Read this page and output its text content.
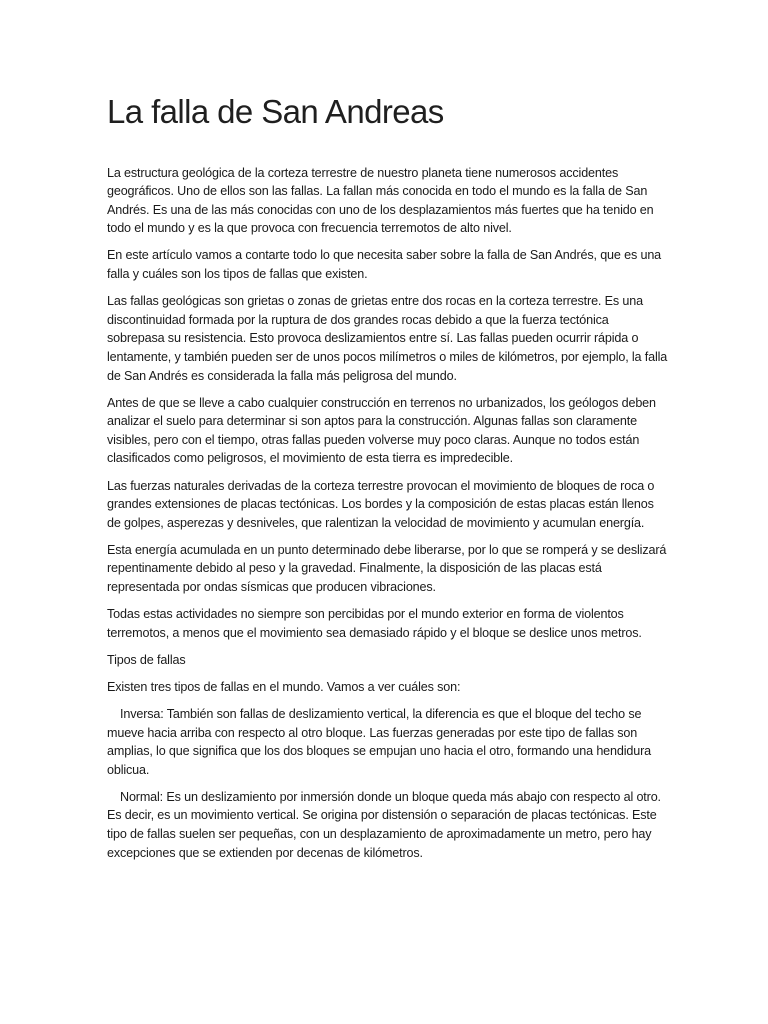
La falla de San Andreas

La estructura geológica de la corteza terrestre de nuestro planeta tiene numerosos accidentes geográficos. Uno de ellos son las fallas. La fallan más conocida en todo el mundo es la falla de San Andrés. Es una de las más conocidas con uno de los desplazamientos más fuertes que ha tenido en todo el mundo y es la que provoca con frecuencia terremotos de alto nivel.

En este artículo vamos a contarte todo lo que necesita saber sobre la falla de San Andrés, que es una falla y cuáles son los tipos de fallas que existen.

Las fallas geológicas son grietas o zonas de grietas entre dos rocas en la corteza terrestre. Es una discontinuidad formada por la ruptura de dos grandes rocas debido a que la fuerza tectónica sobrepasa su resistencia. Esto provoca deslizamientos entre sí. Las fallas pueden ocurrir rápida o lentamente, y también pueden ser de unos pocos milímetros o miles de kilómetros, por ejemplo, la falla de San Andrés es considerada la falla más peligrosa del mundo.

Antes de que se lleve a cabo cualquier construcción en terrenos no urbanizados, los geólogos deben analizar el suelo para determinar si son aptos para la construcción. Algunas fallas son claramente visibles, pero con el tiempo, otras fallas pueden volverse muy poco claras. Aunque no todos están clasificados como peligrosos, el movimiento de esta tierra es impredecible.

Las fuerzas naturales derivadas de la corteza terrestre provocan el movimiento de bloques de roca o grandes extensiones de placas tectónicas. Los bordes y la composición de estas placas están llenos de golpes, asperezas y desniveles, que ralentizan la velocidad de movimiento y acumulan energía.

Esta energía acumulada en un punto determinado debe liberarse, por lo que se romperá y se deslizará repentinamente debido al peso y la gravedad. Finalmente, la disposición de las placas está representada por ondas sísmicas que producen vibraciones.

Todas estas actividades no siempre son percibidas por el mundo exterior en forma de violentos terremotos, a menos que el movimiento sea demasiado rápido y el bloque se deslice unos metros.

Tipos de fallas

Existen tres tipos de fallas en el mundo. Vamos a ver cuáles son:

Inversa: También son fallas de deslizamiento vertical, la diferencia es que el bloque del techo se mueve hacia arriba con respecto al otro bloque. Las fuerzas generadas por este tipo de fallas son amplias, lo que significa que los dos bloques se empujan uno hacia el otro, formando una hendidura oblicua.

Normal: Es un deslizamiento por inmersión donde un bloque queda más abajo con respecto al otro. Es decir, es un movimiento vertical. Se origina por distensión o separación de placas tectónicas. Este tipo de fallas suelen ser pequeñas, con un desplazamiento de aproximadamente un metro, pero hay excepciones que se extienden por decenas de kilómetros.
